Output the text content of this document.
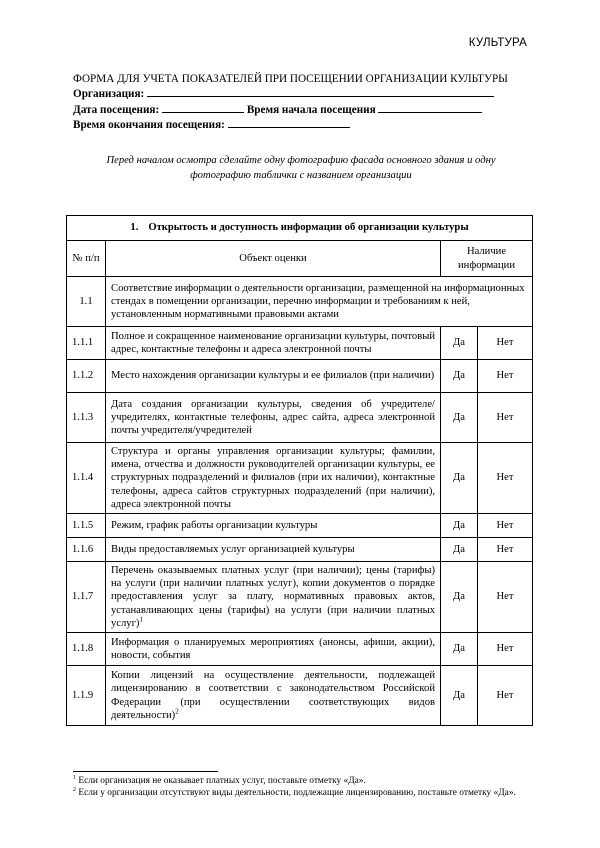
КУЛЬТУРА
ФОРМА ДЛЯ УЧЕТА ПОКАЗАТЕЛЕЙ ПРИ ПОСЕЩЕНИИ ОРГАНИЗАЦИИ КУЛЬТУРЫ
Организация:
Дата посещения:	Время начала посещения
Время окончания посещения:
Перед началом осмотра сделайте одну фотографию фасада основного здания и одну фотографию таблички с названием организации
1. Открытость и доступность информации об организации культуры			
№ п/п	Объект оценки	Наличие информации	
1.1	Соответствие информации о деятельности организации, размещенной на информационных стендах в помещении организации, перечню информации и требованиям к ней, установленным нормативными правовыми актами		
1.1.1	Полное и сокращенное наименование организации культуры, почтовый адрес, контактные телефоны и адреса электронной почты	Да	Нет
1.1.2	Место нахождения организации культуры и ее филиалов (при наличии)	Да	Нет
1.1.3	Дата создания организации культуры, сведения об учредителе/учредителях, контактные телефоны, адрес сайта, адреса электронной почты учредителя/учредителей	Да	Нет
1.1.4	Структура и органы управления организации культуры; фамилии, имена, отчества и должности руководителей организации культуры, ее структурных подразделений и филиалов (при их наличии), контактные телефоны, адреса сайтов структурных подразделений (при наличии), адреса электронной почты	Да	Нет
1.1.5	Режим, график работы организации культуры	Да	Нет
1.1.6	Виды предоставляемых услуг организацией культуры	Да	Нет
1.1.7	Перечень оказываемых платных услуг (при наличии); цены (тарифы) на услуги (при наличии платных услуг), копии документов о порядке предоставления услуг за плату, нормативных правовых актов, устанавливающих цены (тарифы) на услуги (при наличии платных услуг)$^1$	Да	Нет
1.1.8	Информация о планируемых мероприятиях (анонсы, афиши, акции), новости, события	Да	Нет
1.1.9	Копии лицензий на осуществление деятельности, подлежащей лицензированию в соответствии с законодательством Российской Федерации (при осуществлении соответствующих видов деятельности)$^2$	Да	Нет
$^1$ Если организация не оказывает платных услуг, поставьте отметку «Да».
$^2$ Если у организации отсутствуют виды деятельности, подлежащие лицензированию, поставьте отметку «Да».
